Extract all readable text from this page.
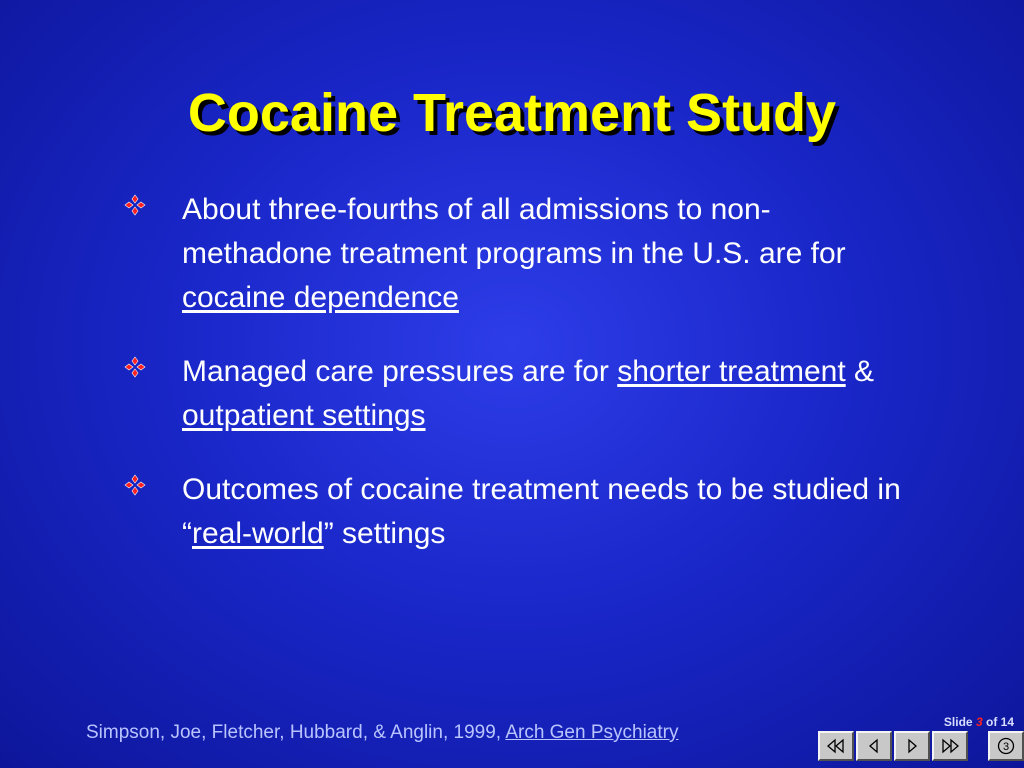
Cocaine Treatment Study
About three-fourths of all admissions to non-methadone treatment programs in the U.S. are for cocaine dependence
Managed care pressures are for shorter treatment & outpatient settings
Outcomes of cocaine treatment needs to be studied in “real-world” settings
Simpson, Joe, Fletcher, Hubbard, & Anglin, 1999, Arch Gen Psychiatry	Slide 3 of 14
3
